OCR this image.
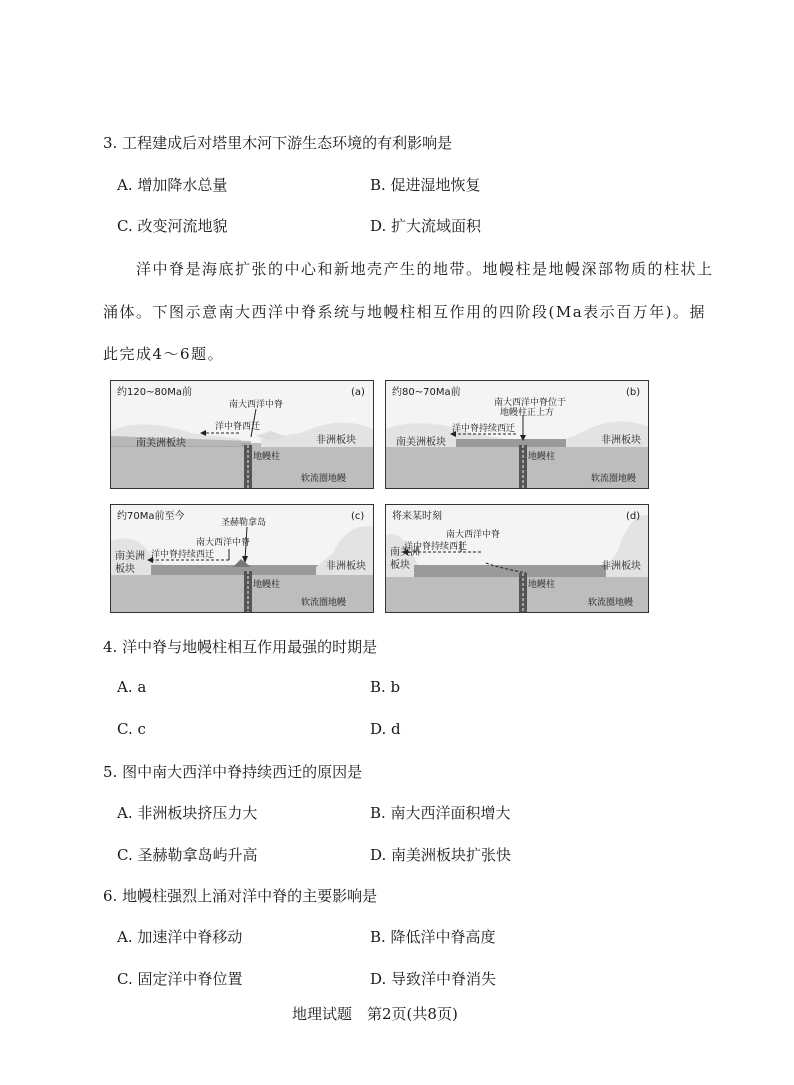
3. 工程建成后对塔里木河下游生态环境的有利影响是
A. 增加降水总量	B. 促进湿地恢复
C. 改变河流地貌	D. 扩大流域面积
洋中脊是海底扩张的中心和新地壳产生的地带。地幔柱是地幔深部物质的柱状上
涌体。下图示意南大西洋中脊系统与地幔柱相互作用的四阶段(Ma表示百万年)。据
此完成4～6题。
约120~80Ma前	(a)
南大西洋中脊
洋中脊西迁
南美洲板块	非洲板块
地幔柱
软流圈地幔
约80~70Ma前	(b)
南大西洋中脊位于
地幔柱正上方
洋中脊持续西迁
南美洲板块	非洲板块
地幔柱
软流圈地幔
约70Ma前至今	(c)
圣赫勒拿岛
南大西洋中脊
洋中脊持续西迁
南美洲
板块	非洲板块
地幔柱
软流圈地幔
将来某时刻	(d)
南大西洋中脊
洋中脊持续西迁
南美洲
板块	非洲板块
地幔柱
软流圈地幔
4. 洋中脊与地幔柱相互作用最强的时期是
A. a	B. b
C. c	D. d
5. 图中南大西洋中脊持续西迁的原因是
A. 非洲板块挤压力大	B. 南大西洋面积增大
C. 圣赫勒拿岛屿升高	D. 南美洲板块扩张快
6. 地幔柱强烈上涌对洋中脊的主要影响是
A. 加速洋中脊移动	B. 降低洋中脊高度
C. 固定洋中脊位置	D. 导致洋中脊消失
地理试题　第2页(共8页)
